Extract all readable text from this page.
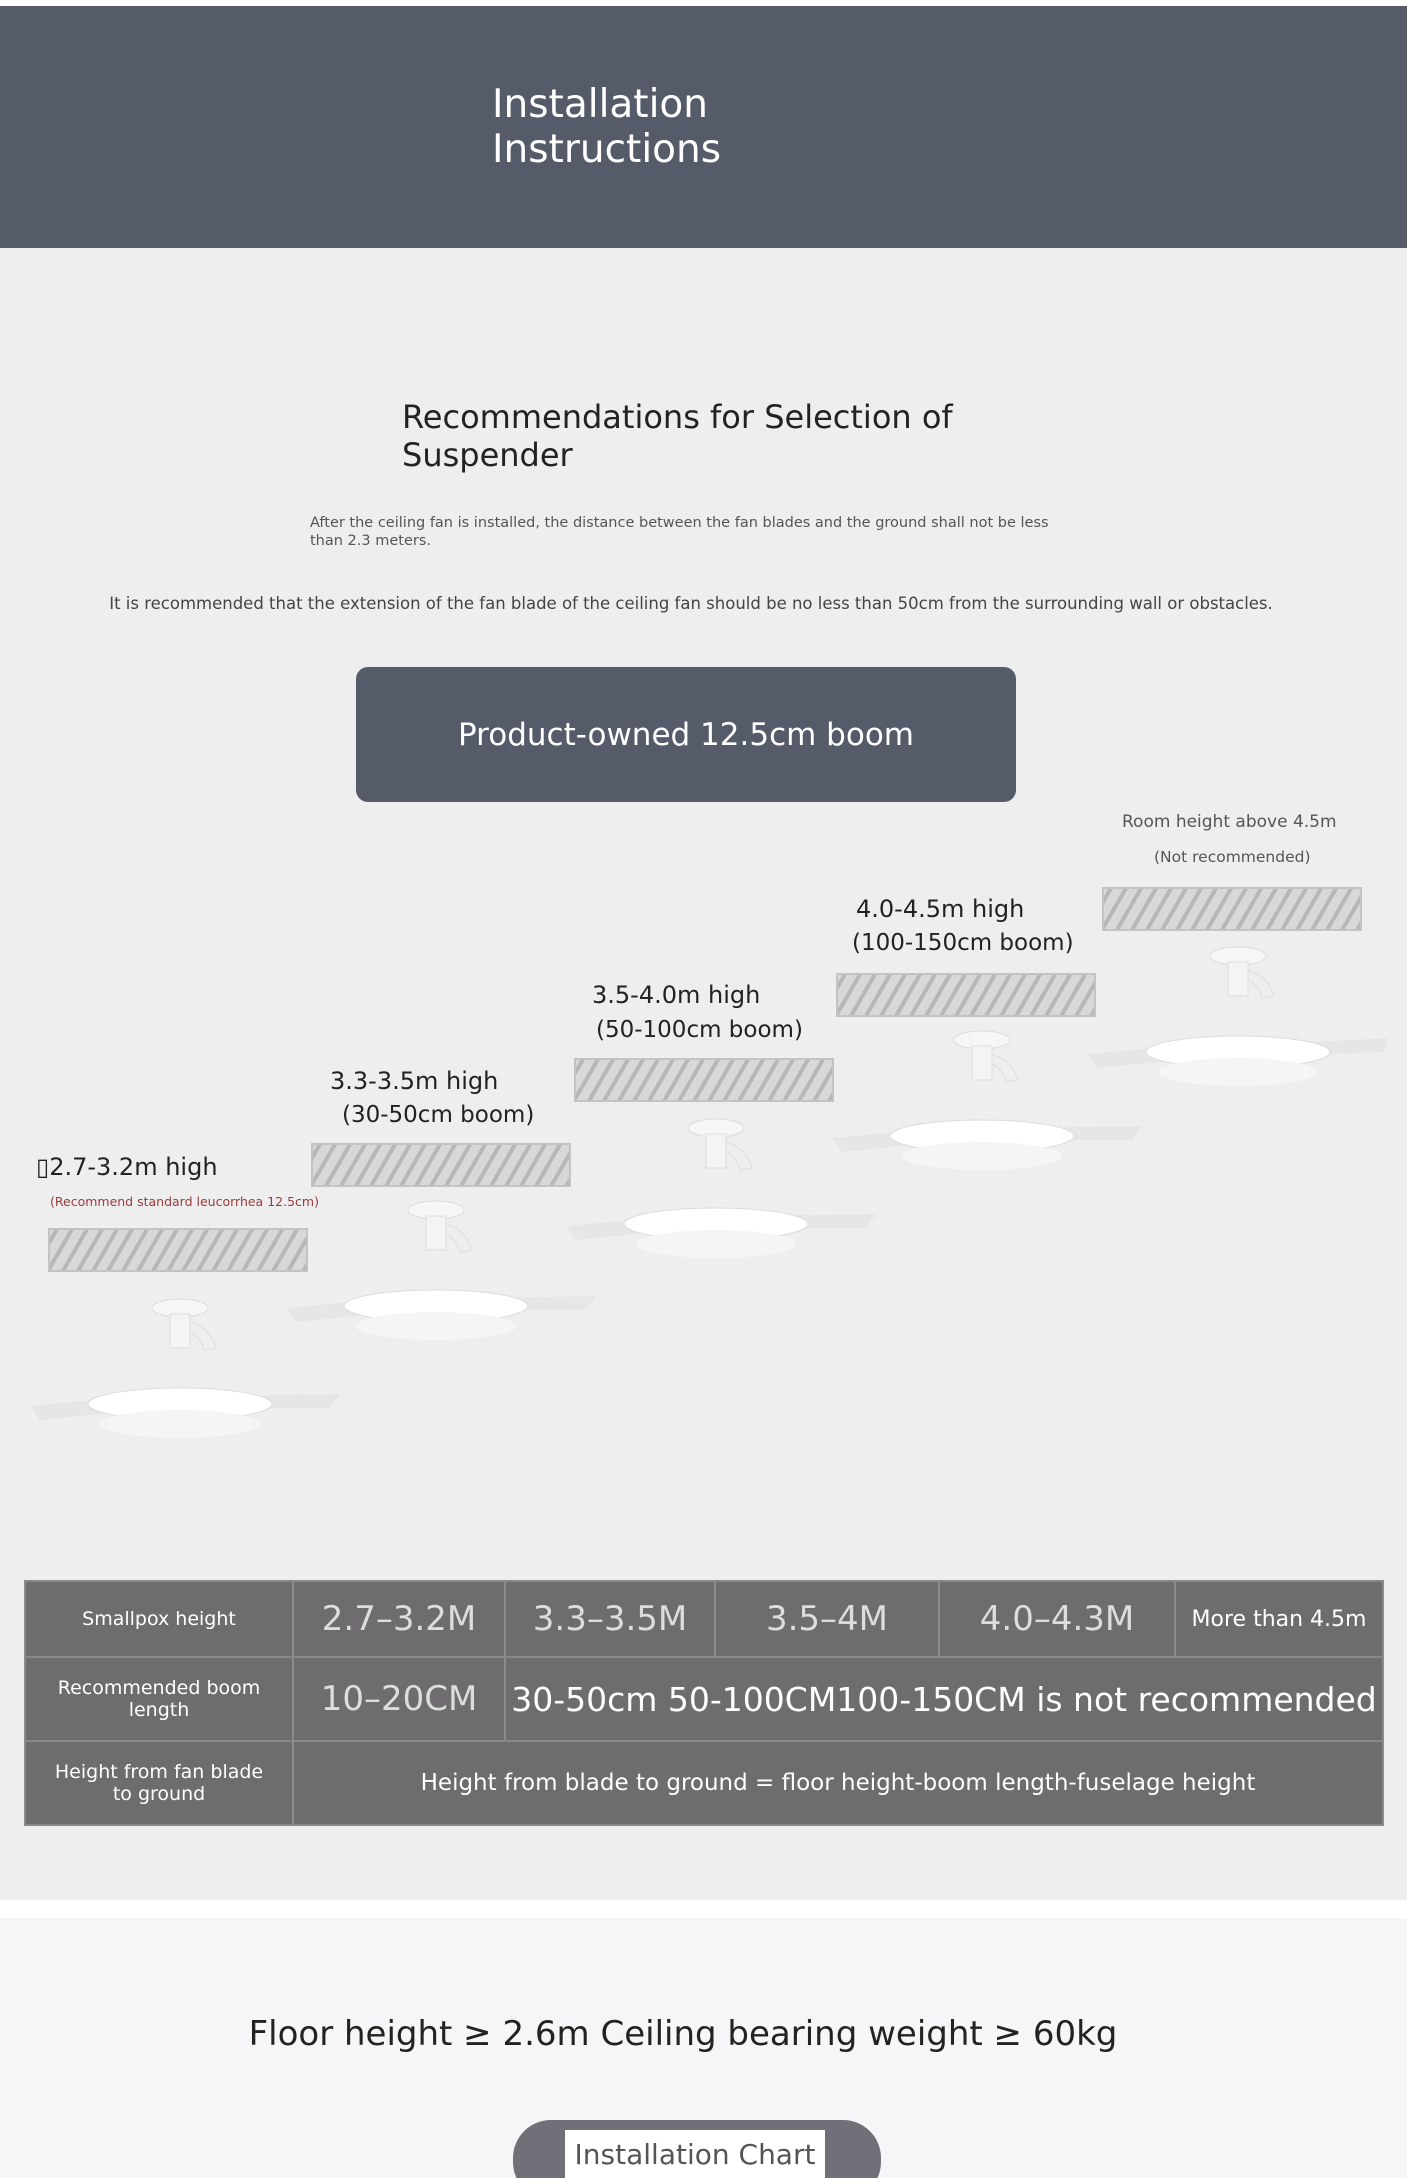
Installation Instructions
Recommendations for Selection of Suspender
After the ceiling fan is installed, the distance between the fan blades and the ground shall not be less than 2.3 meters.
It is recommended that the extension of the fan blade of the ceiling fan should be no less than 50cm from the surrounding wall or obstacles.
Product-owned 12.5cm boom
▯2.7-3.2m high
(Recommend standard leucorrhea 12.5cm)
3.3-3.5m high
(30-50cm boom)
3.5-4.0m high
(50-100cm boom)
4.0-4.5m high
(100-150cm boom)
Room height above 4.5m
(Not recommended)
Smallpox height	2.7–3.2M	3.3–3.5M	3.5–4M	4.0–4.3M	More than 4.5m
Recommended boom length	10–20CM	30-50cm 50-100CM100-150CM is not recommended			
Height from fan blade to ground	Height from blade to ground = floor height-boom length-fuselage height				
Floor height ≥ 2.6m Ceiling bearing weight ≥ 60kg
Installation Chart
